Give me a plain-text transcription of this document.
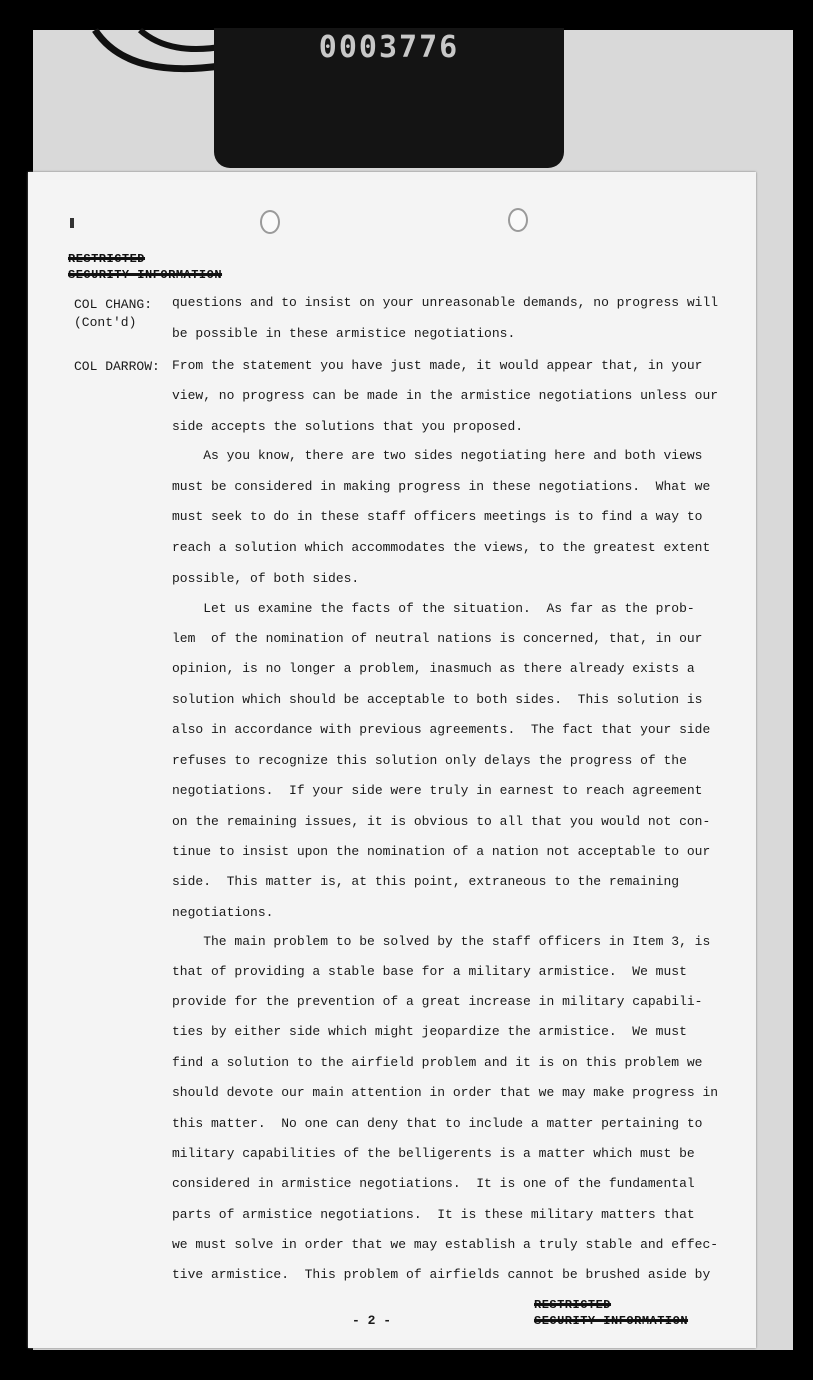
0003776
RESTRICTED
SECURITY INFORMATION
COL CHANG:
(Cont'd)
COL DARROW:
questions and to insist on your unreasonable demands, no progress will
be possible in these armistice negotiations.
From the statement you have just made, it would appear that, in your
view, no progress can be made in the armistice negotiations unless our
side accepts the solutions that you proposed.
As you know, there are two sides negotiating here and both views
must be considered in making progress in these negotiations.  What we
must seek to do in these staff officers meetings is to find a way to
reach a solution which accommodates the views, to the greatest extent
possible, of both sides.
Let us examine the facts of the situation.  As far as the prob-
lem  of the nomination of neutral nations is concerned, that, in our
opinion, is no longer a problem, inasmuch as there already exists a
solution which should be acceptable to both sides.  This solution is
also in accordance with previous agreements.  The fact that your side
refuses to recognize this solution only delays the progress of the
negotiations.  If your side were truly in earnest to reach agreement
on the remaining issues, it is obvious to all that you would not con-
tinue to insist upon the nomination of a nation not acceptable to our
side.  This matter is, at this point, extraneous to the remaining
negotiations.
The main problem to be solved by the staff officers in Item 3, is
that of providing a stable base for a military armistice.  We must
provide for the prevention of a great increase in military capabili-
ties by either side which might jeopardize the armistice.  We must
find a solution to the airfield problem and it is on this problem we
should devote our main attention in order that we may make progress in
this matter.  No one can deny that to include a matter pertaining to
military capabilities of the belligerents is a matter which must be
considered in armistice negotiations.  It is one of the fundamental
parts of armistice negotiations.  It is these military matters that
we must solve in order that we may establish a truly stable and effec-
tive armistice.  This problem of airfields cannot be brushed aside by
- 2 -
RESTRICTED
SECURITY INFORMATION
